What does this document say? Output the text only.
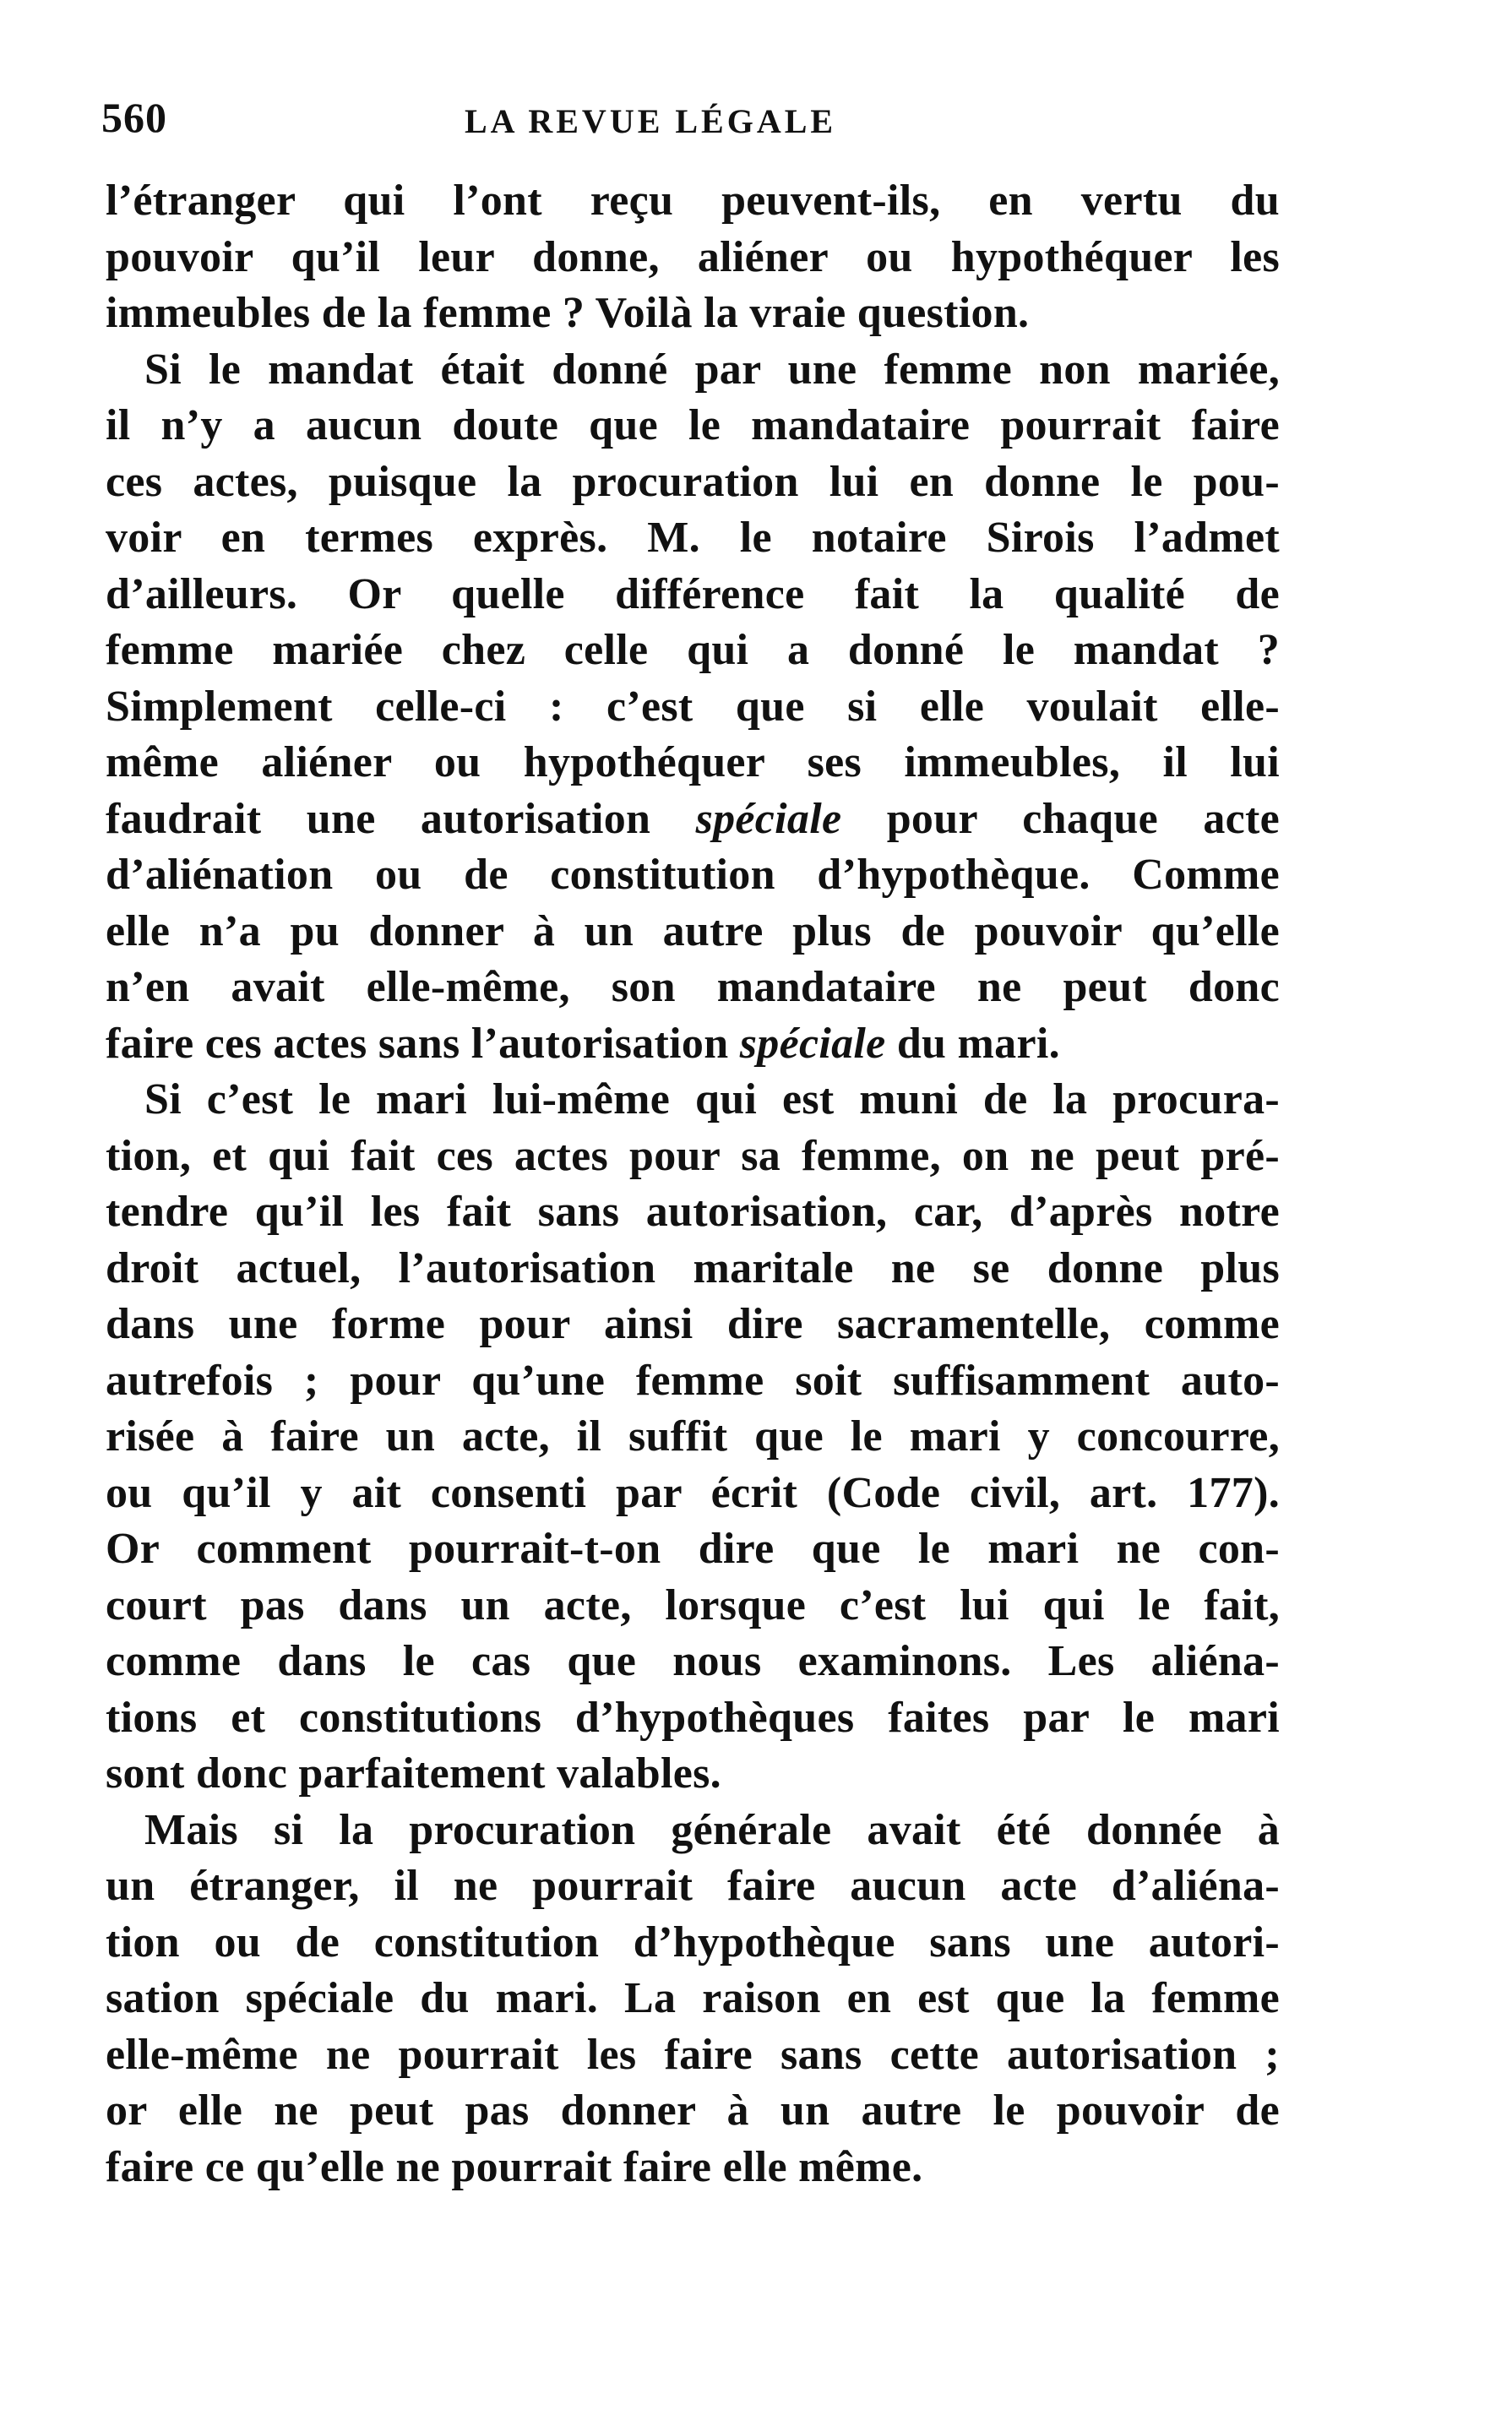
560	LA REVUE LÉGALE
l’étranger qui l’ont reçu peuvent-ils, en vertu du
pouvoir qu’il leur donne, aliéner ou hypothéquer les
immeubles de la femme ? Voilà la vraie question.
Si le mandat était donné par une femme non mariée,
il n’y a aucun doute que le mandataire pourrait faire
ces actes, puisque la procuration lui en donne le pou-
voir en termes exprès. M. le notaire Sirois l’admet
d’ailleurs. Or quelle différence fait la qualité de
femme mariée chez celle qui a donné le mandat ?
Simplement celle-ci : c’est que si elle voulait elle-
même aliéner ou hypothéquer ses immeubles, il lui
faudrait une autorisation spéciale pour chaque acte
d’aliénation ou de constitution d’hypothèque. Comme
elle n’a pu donner à un autre plus de pouvoir qu’elle
n’en avait elle-même, son mandataire ne peut donc
faire ces actes sans l’autorisation spéciale du mari.
Si c’est le mari lui-même qui est muni de la procura-
tion, et qui fait ces actes pour sa femme, on ne peut pré-
tendre qu’il les fait sans autorisation, car, d’après notre
droit actuel, l’autorisation maritale ne se donne plus
dans une forme pour ainsi dire sacramentelle, comme
autrefois ; pour qu’une femme soit suffisamment auto-
risée à faire un acte, il suffit que le mari y concourre,
ou qu’il y ait consenti par écrit (Code civil, art. 177).
Or comment pourrait-t-on dire que le mari ne con-
court pas dans un acte, lorsque c’est lui qui le fait,
comme dans le cas que nous examinons. Les aliéna-
tions et constitutions d’hypothèques faites par le mari
sont donc parfaitement valables.
Mais si la procuration générale avait été donnée à
un étranger, il ne pourrait faire aucun acte d’aliéna-
tion ou de constitution d’hypothèque sans une autori-
sation spéciale du mari. La raison en est que la femme
elle-même ne pourrait les faire sans cette autorisation ;
or elle ne peut pas donner à un autre le pouvoir de
faire ce qu’elle ne pourrait faire elle même.
